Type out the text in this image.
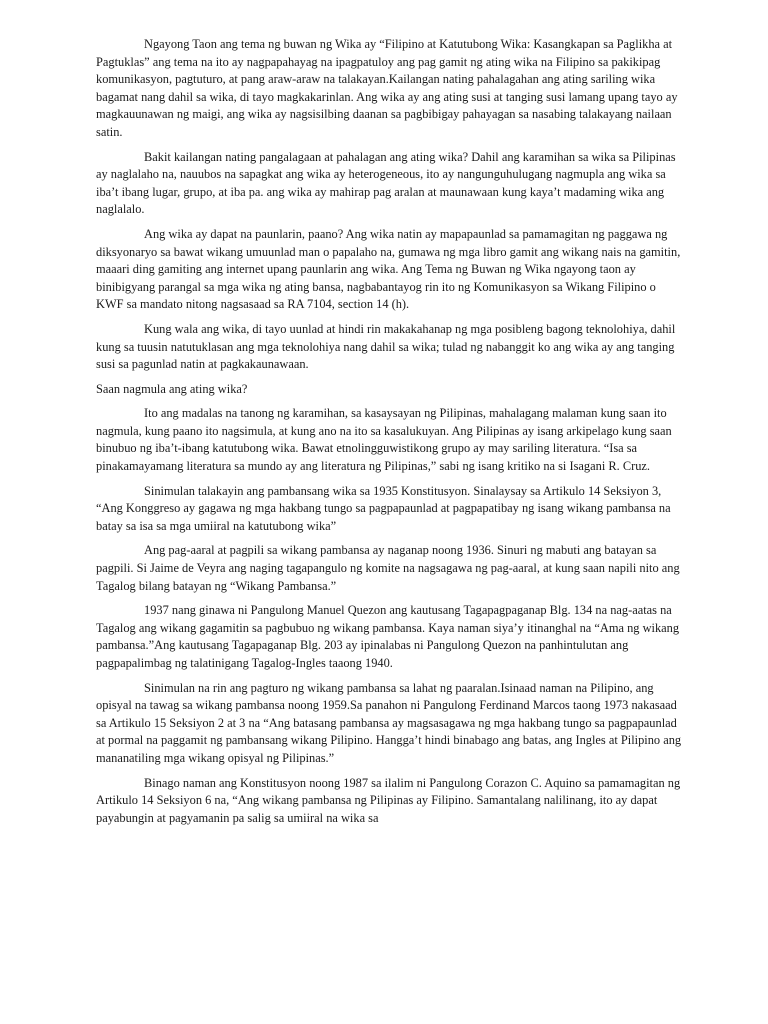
Ngayong Taon ang tema ng buwan ng Wika ay “Filipino at Katutubong Wika: Kasangkapan sa Paglikha at Pagtuklas” ang tema na ito ay nagpapahayag na ipagpatuloy ang pag gamit ng ating wika na Filipino sa pakikipag komunikasyon, pagtuturo, at pang araw-araw na talakayan.Kailangan nating pahalagahan ang ating sariling wika bagamat nang dahil sa wika, di tayo magkakarinlan. Ang wika ay ang ating susi at tanging susi lamang upang tayo ay magkauunawan ng maigi, ang wika ay nagsisilbing daanan sa pagbibigay pahayagan sa nasabing talakayang nailaan satin.

Bakit kailangan nating pangalagaan at pahalagan ang ating wika? Dahil ang karamihan sa wika sa Pilipinas ay naglalaho na, nauubos na sapagkat ang wika ay heterogeneous, ito ay nangunguhulugang nagmupla ang wika sa iba’t ibang lugar, grupo, at iba pa. ang wika ay mahirap pag aralan at maunawaan kung kaya’t madaming wika ang naglalalo.

Ang wika ay dapat na paunlarin, paano? Ang wika natin ay mapapaunlad sa pamamagitan ng paggawa ng diksyonaryo sa bawat wikang umuunlad man o papalaho na, gumawa ng mga libro gamit ang wikang nais na gamitin, maaari ding gamiting ang internet upang paunlarin ang wika. Ang Tema ng Buwan ng Wika ngayong taon ay binibigyang parangal sa mga wika ng ating bansa, nagbabantayog rin ito ng Komunikasyon sa Wikang Filipino o KWF sa mandato nitong nagsasaad sa RA 7104, section 14 (h).

Kung wala ang wika, di tayo uunlad at hindi rin makakahanap ng mga posibleng bagong teknolohiya, dahil kung sa tuusin natutuklasan ang mga teknolohiya nang dahil sa wika; tulad ng nabanggit ko ang wika ay ang tanging susi sa pagunlad natin at pagkakaunawaan.

Saan nagmula ang ating wika?

Ito ang madalas na tanong ng karamihan, sa kasaysayan ng Pilipinas, mahalagang malaman kung saan ito nagmula, kung paano ito nagsimula, at kung ano na ito sa kasalukuyan. Ang Pilipinas ay isang arkipelago kung saan binubuo ng iba’t-ibang katutubong wika. Bawat etnolingguwistikong grupo ay may sariling literatura. “Isa sa pinakamayamang literatura sa mundo ay ang literatura ng Pilipinas,” sabi ng isang kritiko na si Isagani R. Cruz.

Sinimulan talakayin ang pambansang wika sa 1935 Konstitusyon. Sinalaysay sa Artikulo 14 Seksiyon 3, “Ang Konggreso ay gagawa ng mga hakbang tungo sa pagpapaunlad at pagpapatibay ng isang wikang pambansa na batay sa isa sa mga umiiral na katutubong wika”

Ang pag-aaral at pagpili sa wikang pambansa ay naganap noong 1936. Sinuri ng mabuti ang batayan sa pagpili. Si Jaime de Veyra ang naging tagapangulo ng komite na nagsagawa ng pag-aaral, at kung saan napili nito ang Tagalog bilang batayan ng “Wikang Pambansa.”

1937 nang ginawa ni Pangulong Manuel Quezon ang kautusang Tagapagpaganap Blg. 134 na nag-aatas na Tagalog ang wikang gagamitin sa pagbubuo ng wikang pambansa. Kaya naman siya’y itinanghal na “Ama ng wikang pambansa.”Ang kautusang Tagapaganap Blg. 203 ay ipinalabas ni Pangulong Quezon na panhintulutan ang pagpapalimbag ng talatinigang Tagalog-Ingles taaong 1940.

Sinimulan na rin ang pagturo ng wikang pambansa sa lahat ng paaralan.Isinaad naman na Pilipino, ang opisyal na tawag sa wikang pambansa noong 1959.Sa panahon ni Pangulong Ferdinand Marcos taong 1973 nakasaad sa Artikulo 15 Seksiyon 2 at 3 na “Ang batasang pambansa ay magsasagawa ng mga hakbang tungo sa pagpapaunlad at pormal na paggamit ng pambansang wikang Pilipino. Hangga’t hindi binabago ang batas, ang Ingles at Pilipino ang mananatiling mga wikang opisyal ng Pilipinas.”

Binago naman ang Konstitusyon noong 1987 sa ilalim ni Pangulong Corazon C. Aquino sa pamamagitan ng Artikulo 14 Seksiyon 6 na, “Ang wikang pambansa ng Pilipinas ay Filipino. Samantalang nalilinang, ito ay dapat payabungin at pagyamanin pa salig sa umiiral na wika sa
